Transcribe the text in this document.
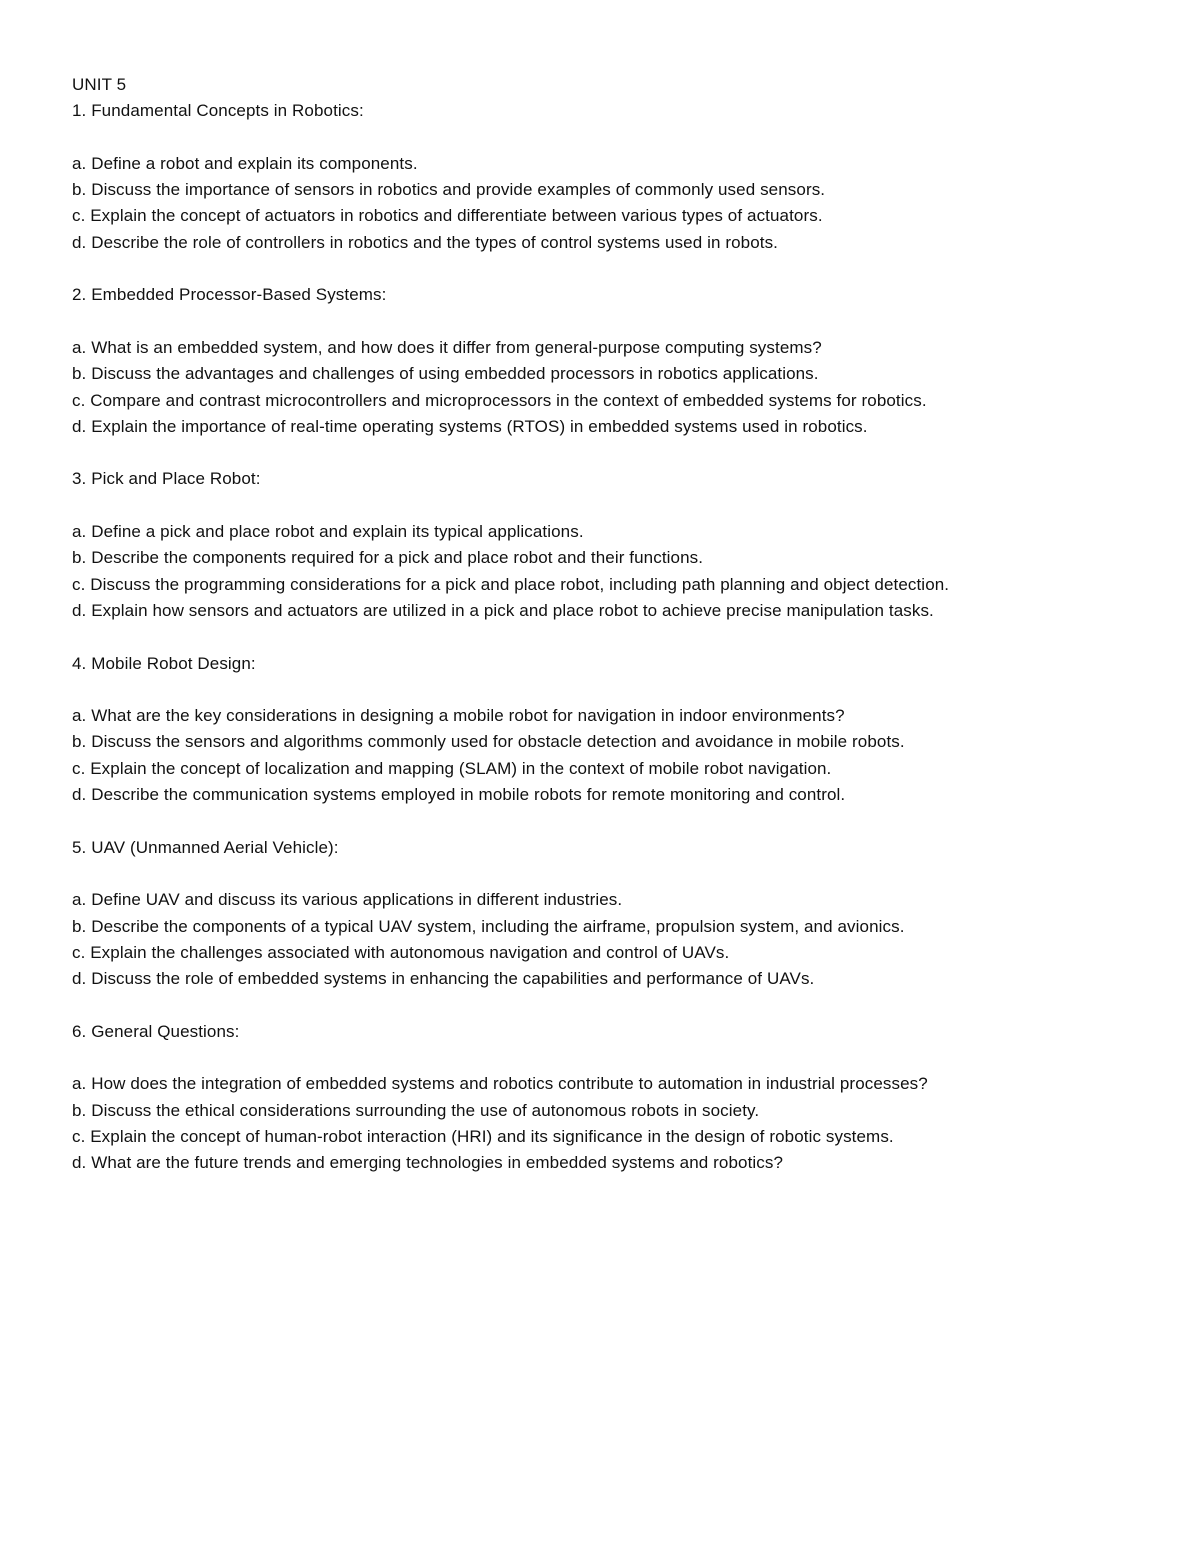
UNIT 5
1. Fundamental Concepts in Robotics:
a. Define a robot and explain its components.
b. Discuss the importance of sensors in robotics and provide examples of commonly used sensors.
c. Explain the concept of actuators in robotics and differentiate between various types of actuators.
d. Describe the role of controllers in robotics and the types of control systems used in robots.
2. Embedded Processor-Based Systems:
a. What is an embedded system, and how does it differ from general-purpose computing systems?
b. Discuss the advantages and challenges of using embedded processors in robotics applications.
c. Compare and contrast microcontrollers and microprocessors in the context of embedded systems for robotics.
d. Explain the importance of real-time operating systems (RTOS) in embedded systems used in robotics.
3. Pick and Place Robot:
a. Define a pick and place robot and explain its typical applications.
b. Describe the components required for a pick and place robot and their functions.
c. Discuss the programming considerations for a pick and place robot, including path planning and object detection.
d. Explain how sensors and actuators are utilized in a pick and place robot to achieve precise manipulation tasks.
4. Mobile Robot Design:
a. What are the key considerations in designing a mobile robot for navigation in indoor environments?
b. Discuss the sensors and algorithms commonly used for obstacle detection and avoidance in mobile robots.
c. Explain the concept of localization and mapping (SLAM) in the context of mobile robot navigation.
d. Describe the communication systems employed in mobile robots for remote monitoring and control.
5. UAV (Unmanned Aerial Vehicle):
a. Define UAV and discuss its various applications in different industries.
b. Describe the components of a typical UAV system, including the airframe, propulsion system, and avionics.
c. Explain the challenges associated with autonomous navigation and control of UAVs.
d. Discuss the role of embedded systems in enhancing the capabilities and performance of UAVs.
6. General Questions:
a. How does the integration of embedded systems and robotics contribute to automation in industrial processes?
b. Discuss the ethical considerations surrounding the use of autonomous robots in society.
c. Explain the concept of human-robot interaction (HRI) and its significance in the design of robotic systems.
d. What are the future trends and emerging technologies in embedded systems and robotics?
